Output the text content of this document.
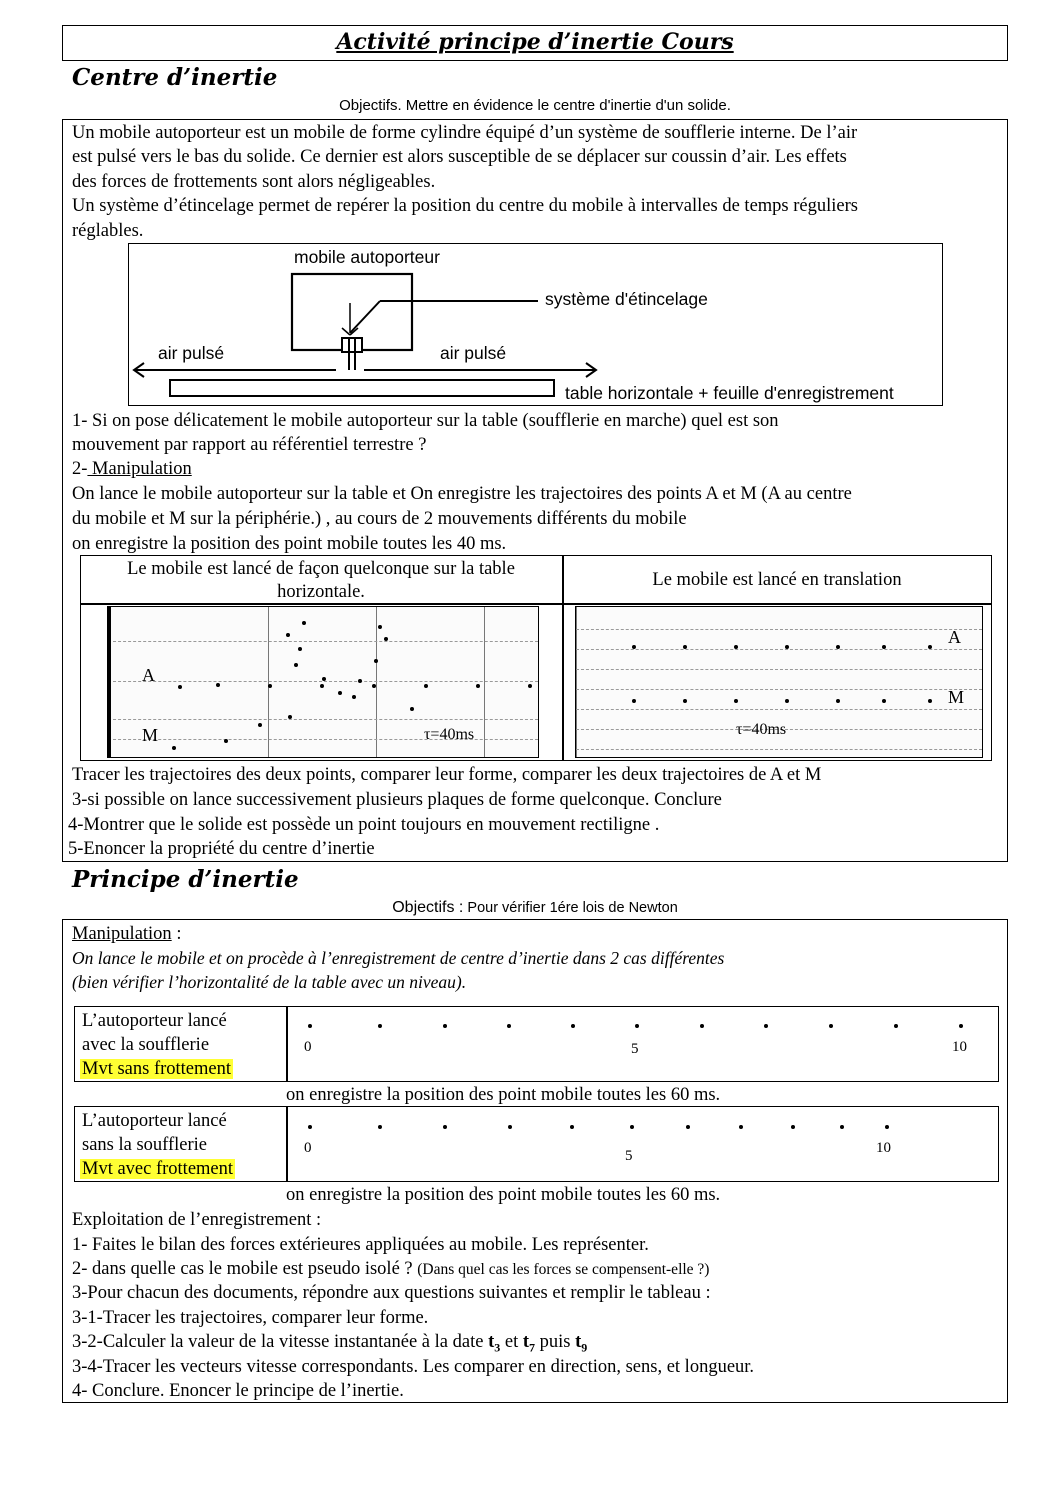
Activité principe d’inertie Cours
Centre d’inertie
Objectifs. Mettre en évidence le centre d'inertie d'un solide.
Un mobile autoporteur est un mobile de forme cylindre équipé d’un système de soufflerie interne. De l’air
est pulsé vers le bas du solide. Ce dernier est alors susceptible de se déplacer sur coussin d’air. Les effets
des forces de frottements sont alors négligeables.
Un système d’étincelage permet de repérer la position du centre du mobile à intervalles de temps réguliers
réglables.
mobile autoporteur
système d'étincelage
air pulsé	air pulsé
table horizontale + feuille d'enregistrement
1- Si on pose délicatement le mobile autoporteur sur la table (soufflerie en marche) quel est son
mouvement par rapport au référentiel terrestre ?
2- Manipulation
On lance le mobile autoporteur sur la table et On enregistre les trajectoires des points A et M (A au centre
du mobile et M sur la périphérie.) , au cours de 2 mouvements différents du mobile
on enregistre la position des point mobile toutes les 40 ms.
Le mobile est lancé de façon quelconque sur la table
horizontale.
Le mobile est lancé en translation
A
M	τ=40ms
A
M
τ=40ms
Tracer les trajectoires des deux points, comparer leur forme, comparer les deux trajectoires de A et M
3-si possible on lance successivement plusieurs plaques de forme quelconque. Conclure
4-Montrer que le solide est possède un point toujours en mouvement rectiligne .
5-Enoncer la propriété du centre d’inertie
Principe d’inertie
Objectifs : Pour vérifier 1ére lois de Newton
Manipulation :
On lance le mobile et on procède à l’enregistrement de centre d’inertie dans 2 cas différentes
(bien vérifier l’horizontalité de la table avec un niveau).
L’autoporteur lancé
avec la soufflerie
Mvt sans frottement
0	5	10
on enregistre la position des point mobile toutes les 60 ms.
L’autoporteur lancé
sans la soufflerie
Mvt avec frottement
0	5	10
on enregistre la position des point mobile toutes les 60 ms.
Exploitation de l’enregistrement :
1- Faites le bilan des forces extérieures appliquées au mobile. Les représenter.
2- dans quelle cas le mobile est pseudo isolé ? (Dans quel cas les forces se compensent-elle ?)
3-Pour chacun des documents, répondre aux questions suivantes et remplir le tableau :
3-1-Tracer les trajectoires, comparer leur forme.
3-2-Calculer la valeur de la vitesse instantanée à la date $t_3$ et $t_7$ puis $t_9$
3-4-Tracer les vecteurs vitesse correspondants. Les comparer en direction, sens, et longueur.
4- Conclure. Enoncer le principe de l’inertie.
